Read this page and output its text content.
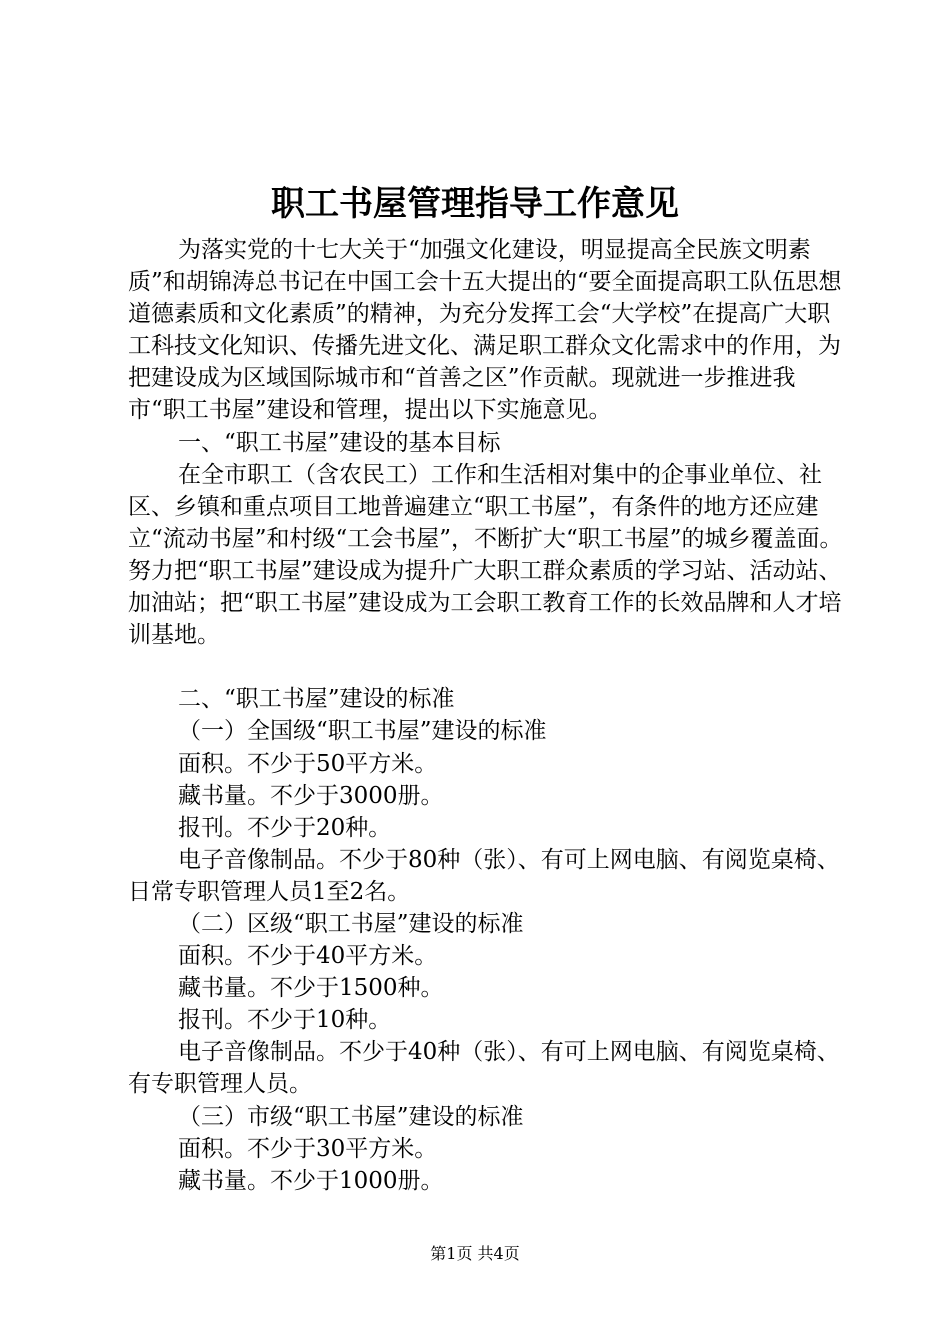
职工书屋管理指导工作意见

为落实党的十七大关于“加强文化建设，明显提高全民族文明素质”和胡锦涛总书记在中国工会十五大提出的“要全面提高职工队伍思想道德素质和文化素质”的精神，为充分发挥工会“大学校”在提高广大职工科技文化知识、传播先进文化、满足职工群众文化需求中的作用，为把建设成为区域国际城市和“首善之区”作贡献。现就进一步推进我市“职工书屋”建设和管理，提出以下实施意见。

一、“职工书屋”建设的基本目标

在全市职工（含农民工）工作和生活相对集中的企事业单位、社区、乡镇和重点项目工地普遍建立“职工书屋”，有条件的地方还应建立“流动书屋”和村级“工会书屋”，不断扩大“职工书屋”的城乡覆盖面。努力把“职工书屋”建设成为提升广大职工群众素质的学习站、活动站、加油站；把“职工书屋”建设成为工会职工教育工作的长效品牌和人才培训基地。

二、“职工书屋”建设的标准

（一）全国级“职工书屋”建设的标准

面积。不少于50平方米。

藏书量。不少于3000册。

报刊。不少于20种。

电子音像制品。不少于80种（张）、有可上网电脑、有阅览桌椅、日常专职管理人员1至2名。

（二）区级“职工书屋”建设的标准

面积。不少于40平方米。

藏书量。不少于1500种。

报刊。不少于10种。

电子音像制品。不少于40种（张）、有可上网电脑、有阅览桌椅、有专职管理人员。

（三）市级“职工书屋”建设的标准

面积。不少于30平方米。

藏书量。不少于1000册。

第1页 共4页
